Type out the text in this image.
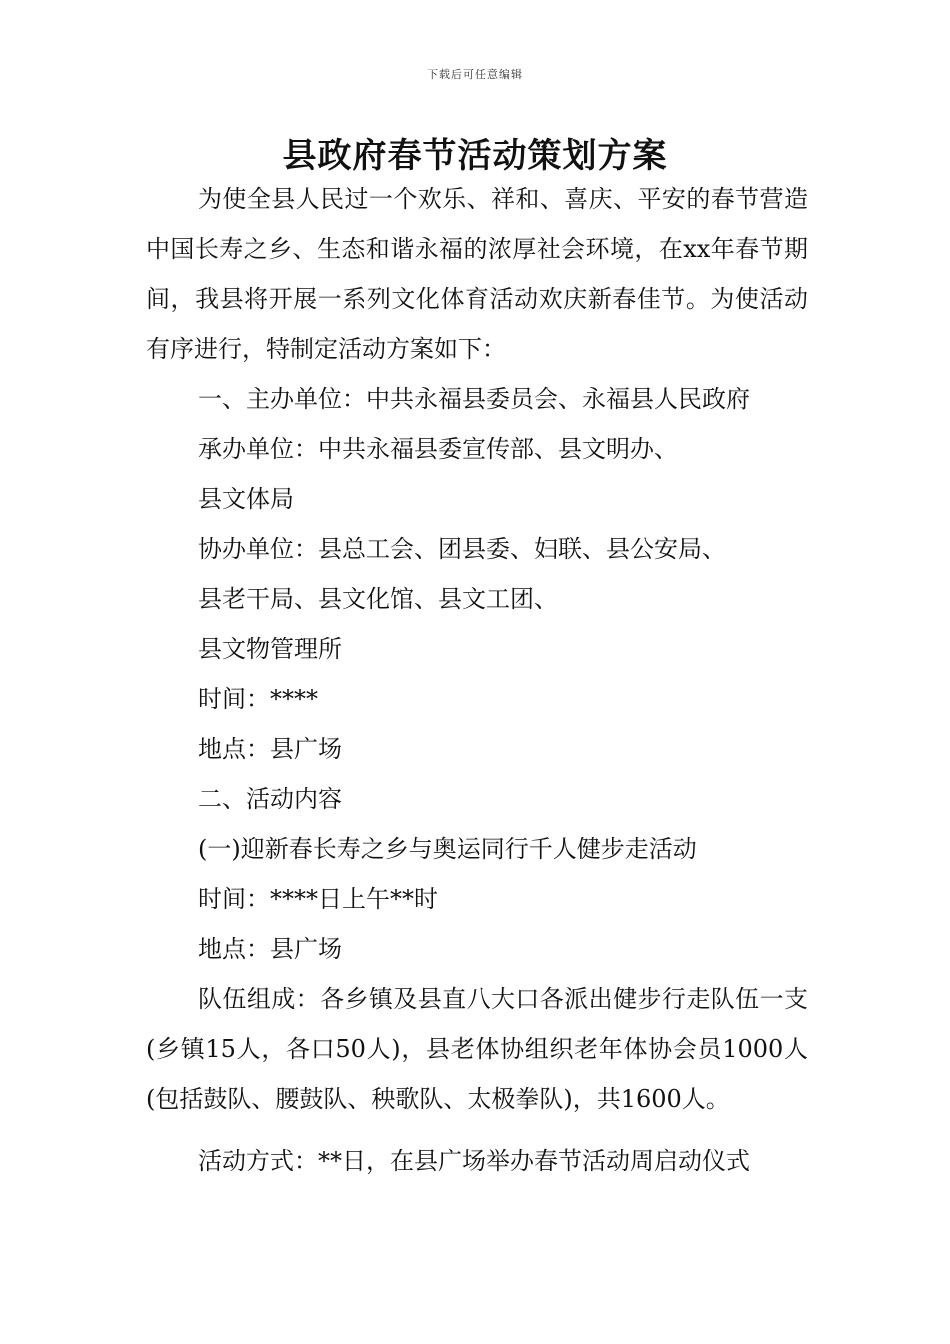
下载后可任意编辑
县政府春节活动策划方案

为使全县人民过一个欢乐、祥和、喜庆、平安的春节营造中国长寿之乡、生态和谐永福的浓厚社会环境，在xx年春节期间，我县将开展一系列文化体育活动欢庆新春佳节。为使活动有序进行，特制定活动方案如下：

一、主办单位：中共永福县委员会、永福县人民政府

承办单位：中共永福县委宣传部、县文明办、

县文体局

协办单位：县总工会、团县委、妇联、县公安局、

县老干局、县文化馆、县文工团、

县文物管理所

时间：****

地点：县广场

二、活动内容

(一)迎新春长寿之乡与奥运同行千人健步走活动

时间：****日上午**时

地点：县广场

队伍组成：各乡镇及县直八大口各派出健步行走队伍一支(乡镇15人，各口50人)，县老体协组织老年体协会员1000人(包括鼓队、腰鼓队、秧歌队、太极拳队)，共1600人。

活动方式：**日，在县广场举办春节活动周启动仪式
